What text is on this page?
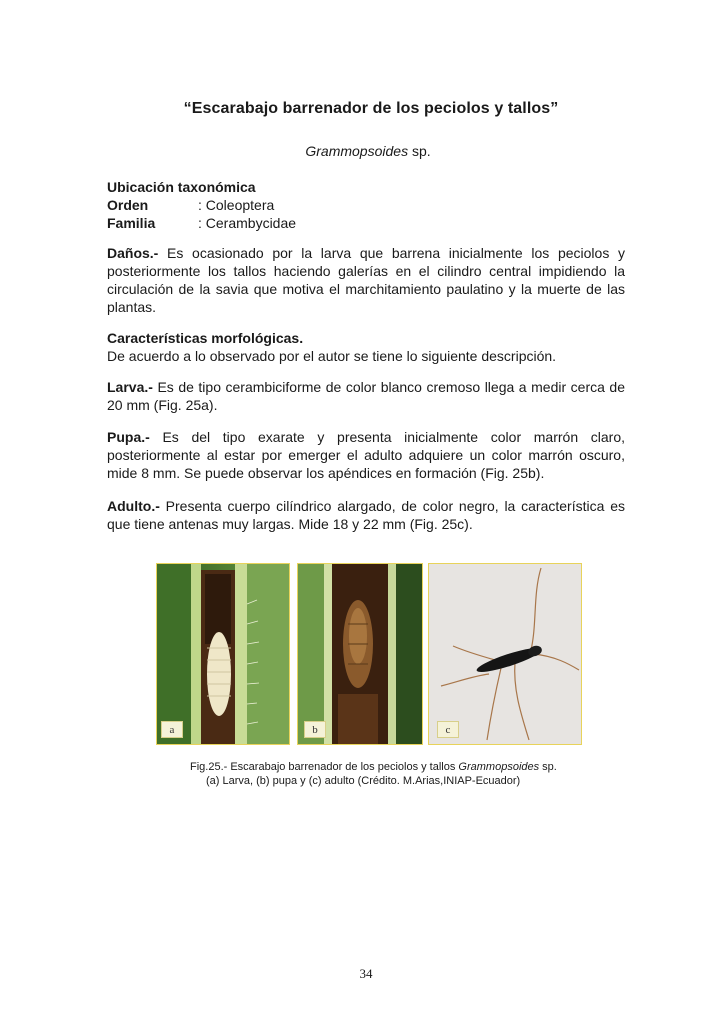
“Escarabajo barrenador de los peciolos y tallos”
Grammopsoides sp.
Ubicación taxonómica
Orden	: Coleoptera
Familia	: Cerambycidae
Daños.- Es ocasionado por la larva que barrena inicialmente los peciolos y posteriormente los tallos haciendo galerías en el cilindro central impidiendo la circulación de la savia que motiva el marchitamiento paulatino y la muerte de las plantas.
Características morfológicas.
De acuerdo a lo observado por el autor se tiene lo siguiente descripción.
Larva.- Es de tipo cerambiciforme de color blanco cremoso llega a medir cerca de 20 mm (Fig. 25a).
Pupa.- Es del tipo exarate y presenta inicialmente color marrón claro, posteriormente al estar por emerger el adulto adquiere un color marrón oscuro, mide 8 mm. Se puede observar los apéndices en formación (Fig. 25b).
Adulto.- Presenta cuerpo cilíndrico alargado, de color negro, la característica es que tiene antenas muy largas. Mide 18 y 22 mm (Fig. 25c).
a	b	c
Fig.25.- Escarabajo barrenador de los peciolos y tallos Grammopsoides sp.
(a) Larva, (b) pupa y (c) adulto (Crédito. M.Arias,INIAP-Ecuador)
34
